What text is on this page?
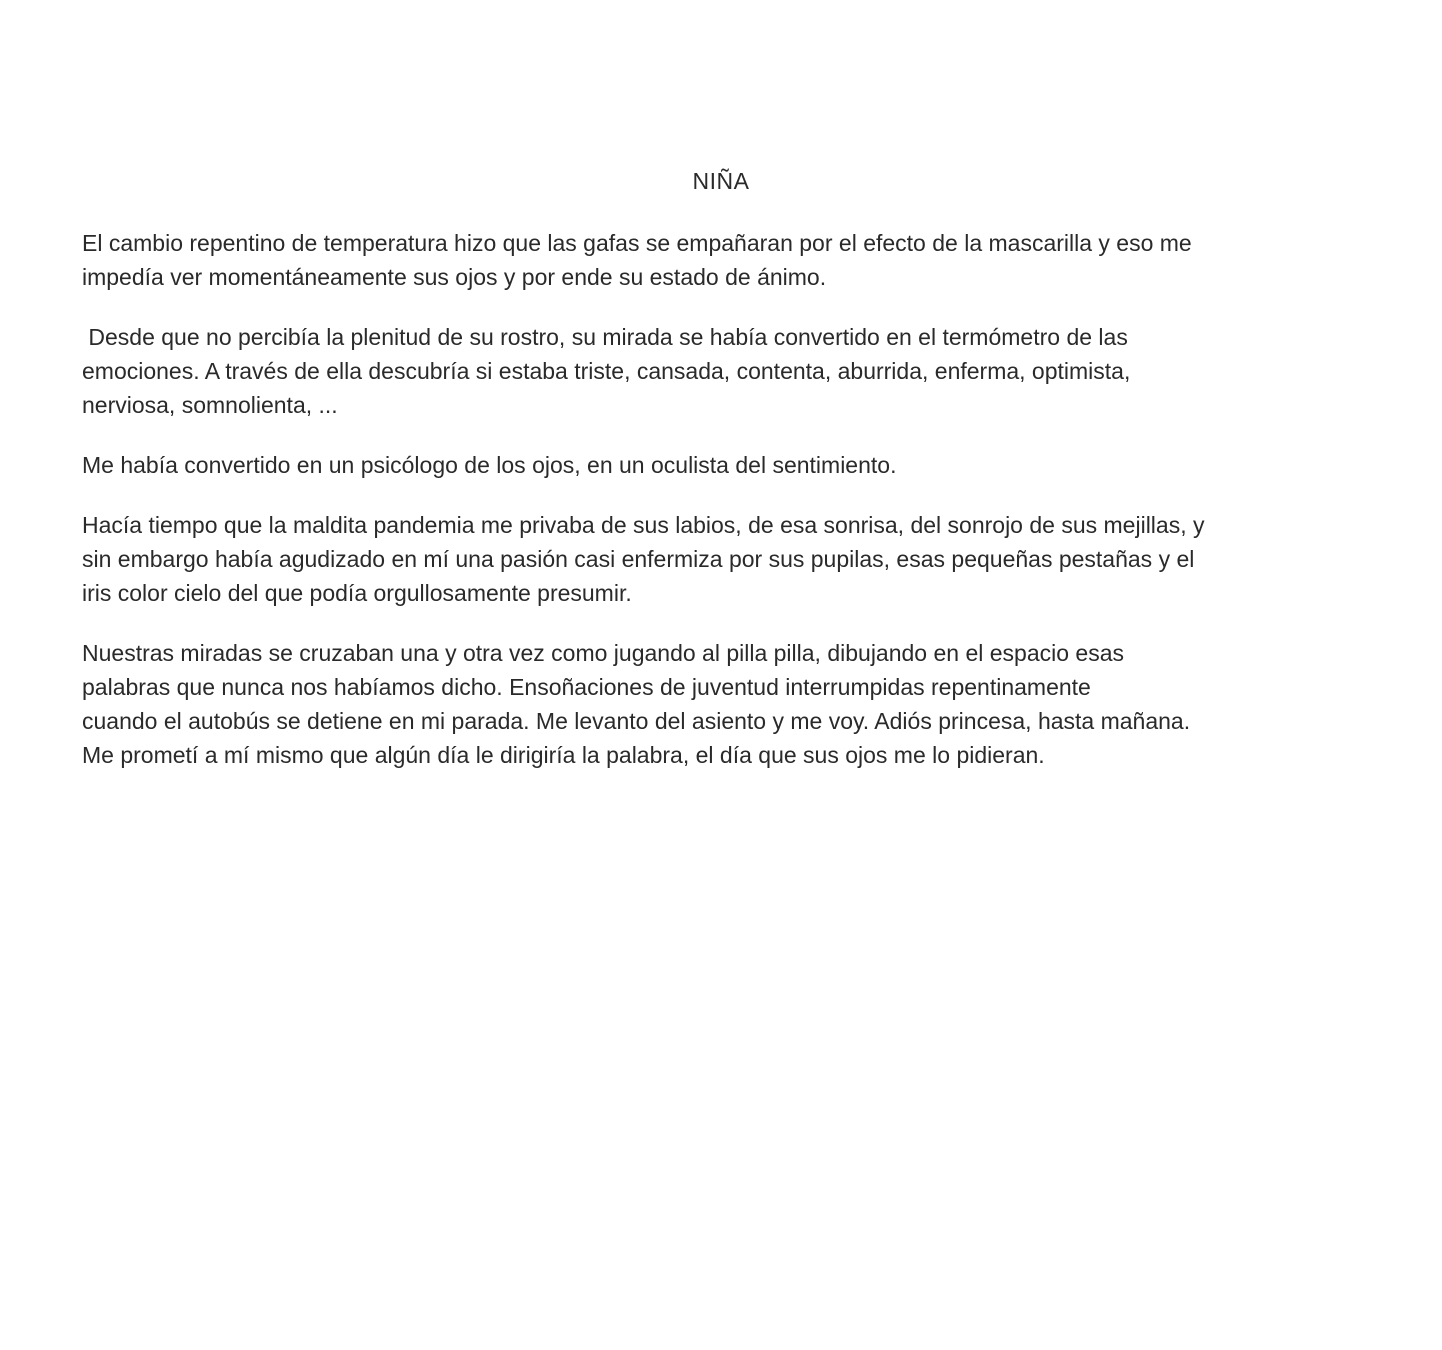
NIÑA

El cambio repentino de temperatura hizo que las gafas se empañaran por el efecto de la mascarilla y eso me
impedía ver momentáneamente sus ojos y por ende su estado de ánimo.

Desde que no percibía la plenitud de su rostro, su mirada se había convertido en el termómetro de las
emociones. A través de ella descubría si estaba triste, cansada, contenta, aburrida, enferma, optimista,
nerviosa, somnolienta, ...

Me había convertido en un psicólogo de los ojos, en un oculista del sentimiento.

Hacía tiempo que la maldita pandemia me privaba de sus labios, de esa sonrisa, del sonrojo de sus mejillas, y
sin embargo había agudizado en mí una pasión casi enfermiza por sus pupilas, esas pequeñas pestañas y el
iris color cielo del que podía orgullosamente presumir.

Nuestras miradas se cruzaban una y otra vez como jugando al pilla pilla, dibujando en el espacio esas
palabras que nunca nos habíamos dicho. Ensoñaciones de juventud interrumpidas repentinamente
cuando el autobús se detiene en mi parada. Me levanto del asiento y me voy. Adiós princesa, hasta mañana.
Me prometí a mí mismo que algún día le dirigiría la palabra, el día que sus ojos me lo pidieran.
